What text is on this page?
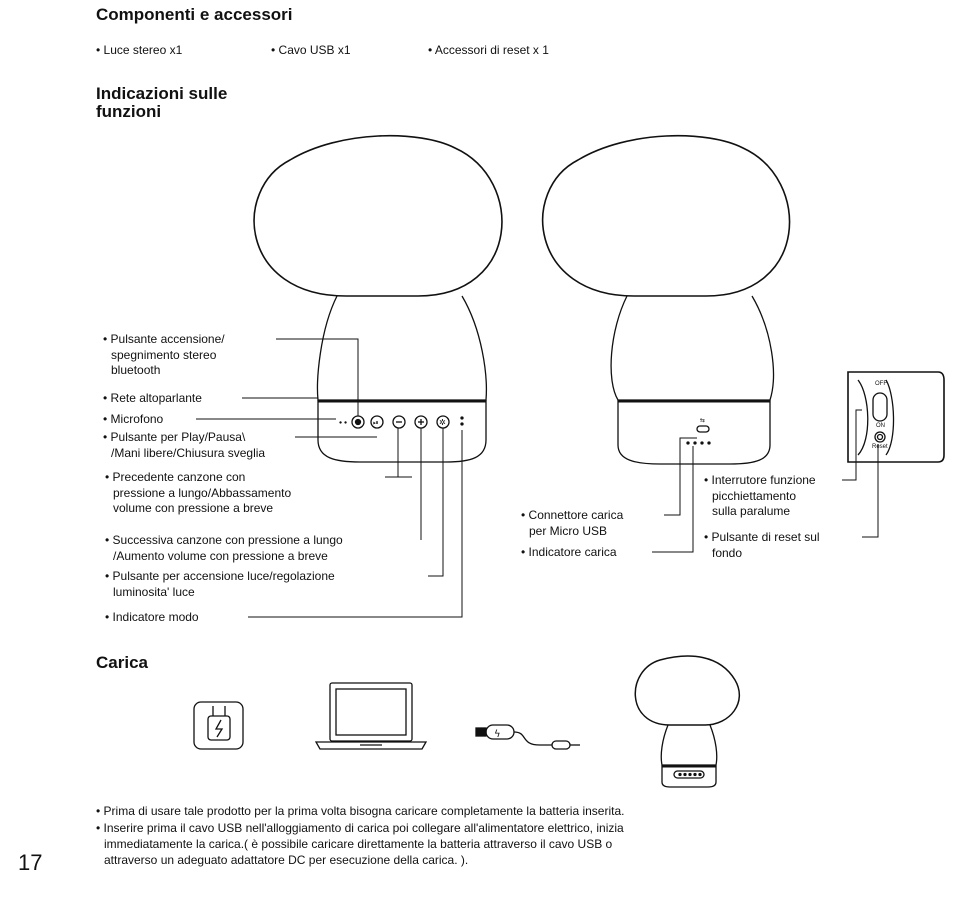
Componenti e accessori
• Luce stereo x1	• Cavo USB x1	• Accessori di reset x 1
Indicazioni sulle
funzioni
∙∙	⏯	✲	⇆
ϟ
OFF
ON
Reset
• Pulsante accensione/
spegnimento stereo
bluetooth
• Rete altoparlante
• Microfono
• Pulsante per Play/Pausa\
/Mani libere/Chiusura sveglia
• Precedente canzone con
pressione a lungo/Abbassamento
volume con pressione a breve
• Successiva canzone con pressione a lungo
/Aumento volume con pressione a breve
• Pulsante per accensione luce/regolazione
luminosita' luce
• Indicatore modo
• Connettore carica
per Micro USB
• Indicatore carica
• Interrutore funzione
picchiettamento
sulla paralume
• Pulsante di reset sul
fondo
Carica
• Prima di usare tale prodotto per la prima volta bisogna caricare completamente la batteria inserita.
• Inserire prima il cavo USB nell'alloggiamento di carica poi collegare all'alimentatore elettrico, inizia
immediatamente la carica.( è possibile caricare direttamente la batteria attraverso il cavo USB o
attraverso un adeguato adattatore DC per esecuzione della carica. ).
17
